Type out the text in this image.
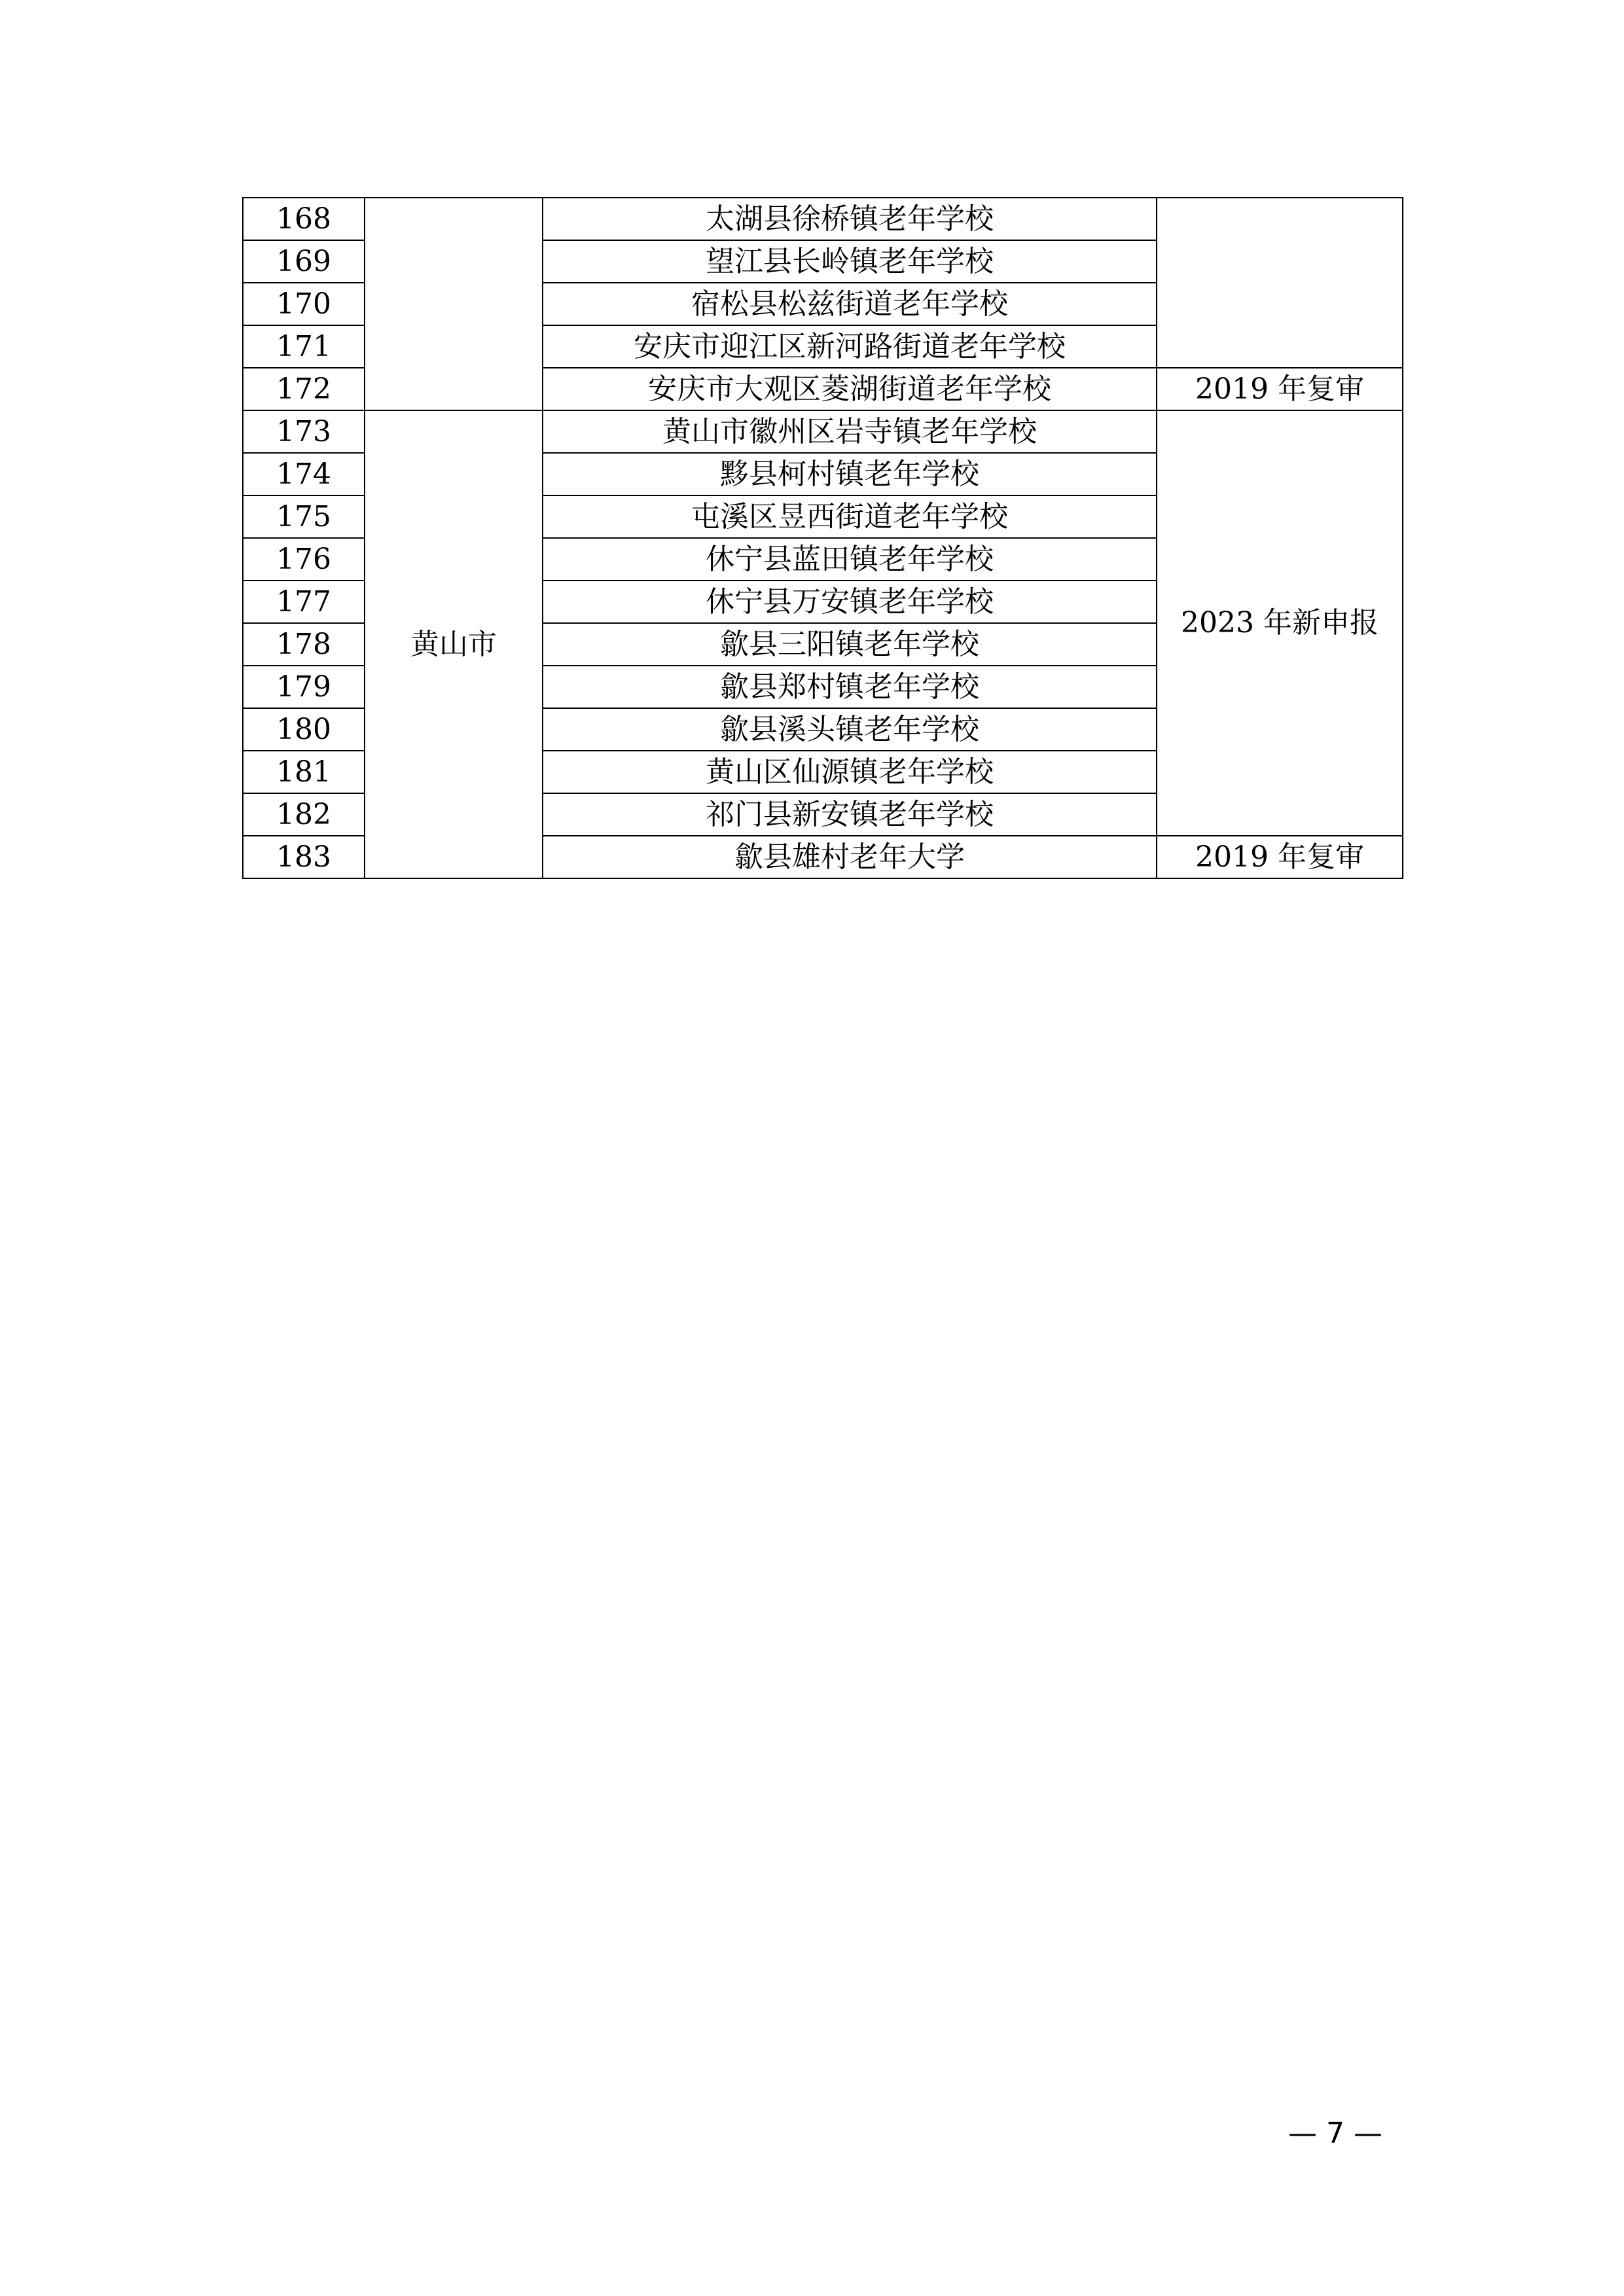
168		太湖县徐桥镇老年学校	
169		望江县长岭镇老年学校	
170		宿松县松兹街道老年学校	
171		安庆市迎江区新河路街道老年学校	
172		安庆市大观区菱湖街道老年学校	2019 年复审
173	黄山市	黄山市徽州区岩寺镇老年学校	2023 年新申报
174		黟县柯村镇老年学校	
175		屯溪区昱西街道老年学校	
176		休宁县蓝田镇老年学校	
177		休宁县万安镇老年学校	
178		歙县三阳镇老年学校	
179		歙县郑村镇老年学校	
180		歙县溪头镇老年学校	
181		黄山区仙源镇老年学校	
182		祁门县新安镇老年学校	
183		歙县雄村老年大学	2019 年复审
— 7 —
